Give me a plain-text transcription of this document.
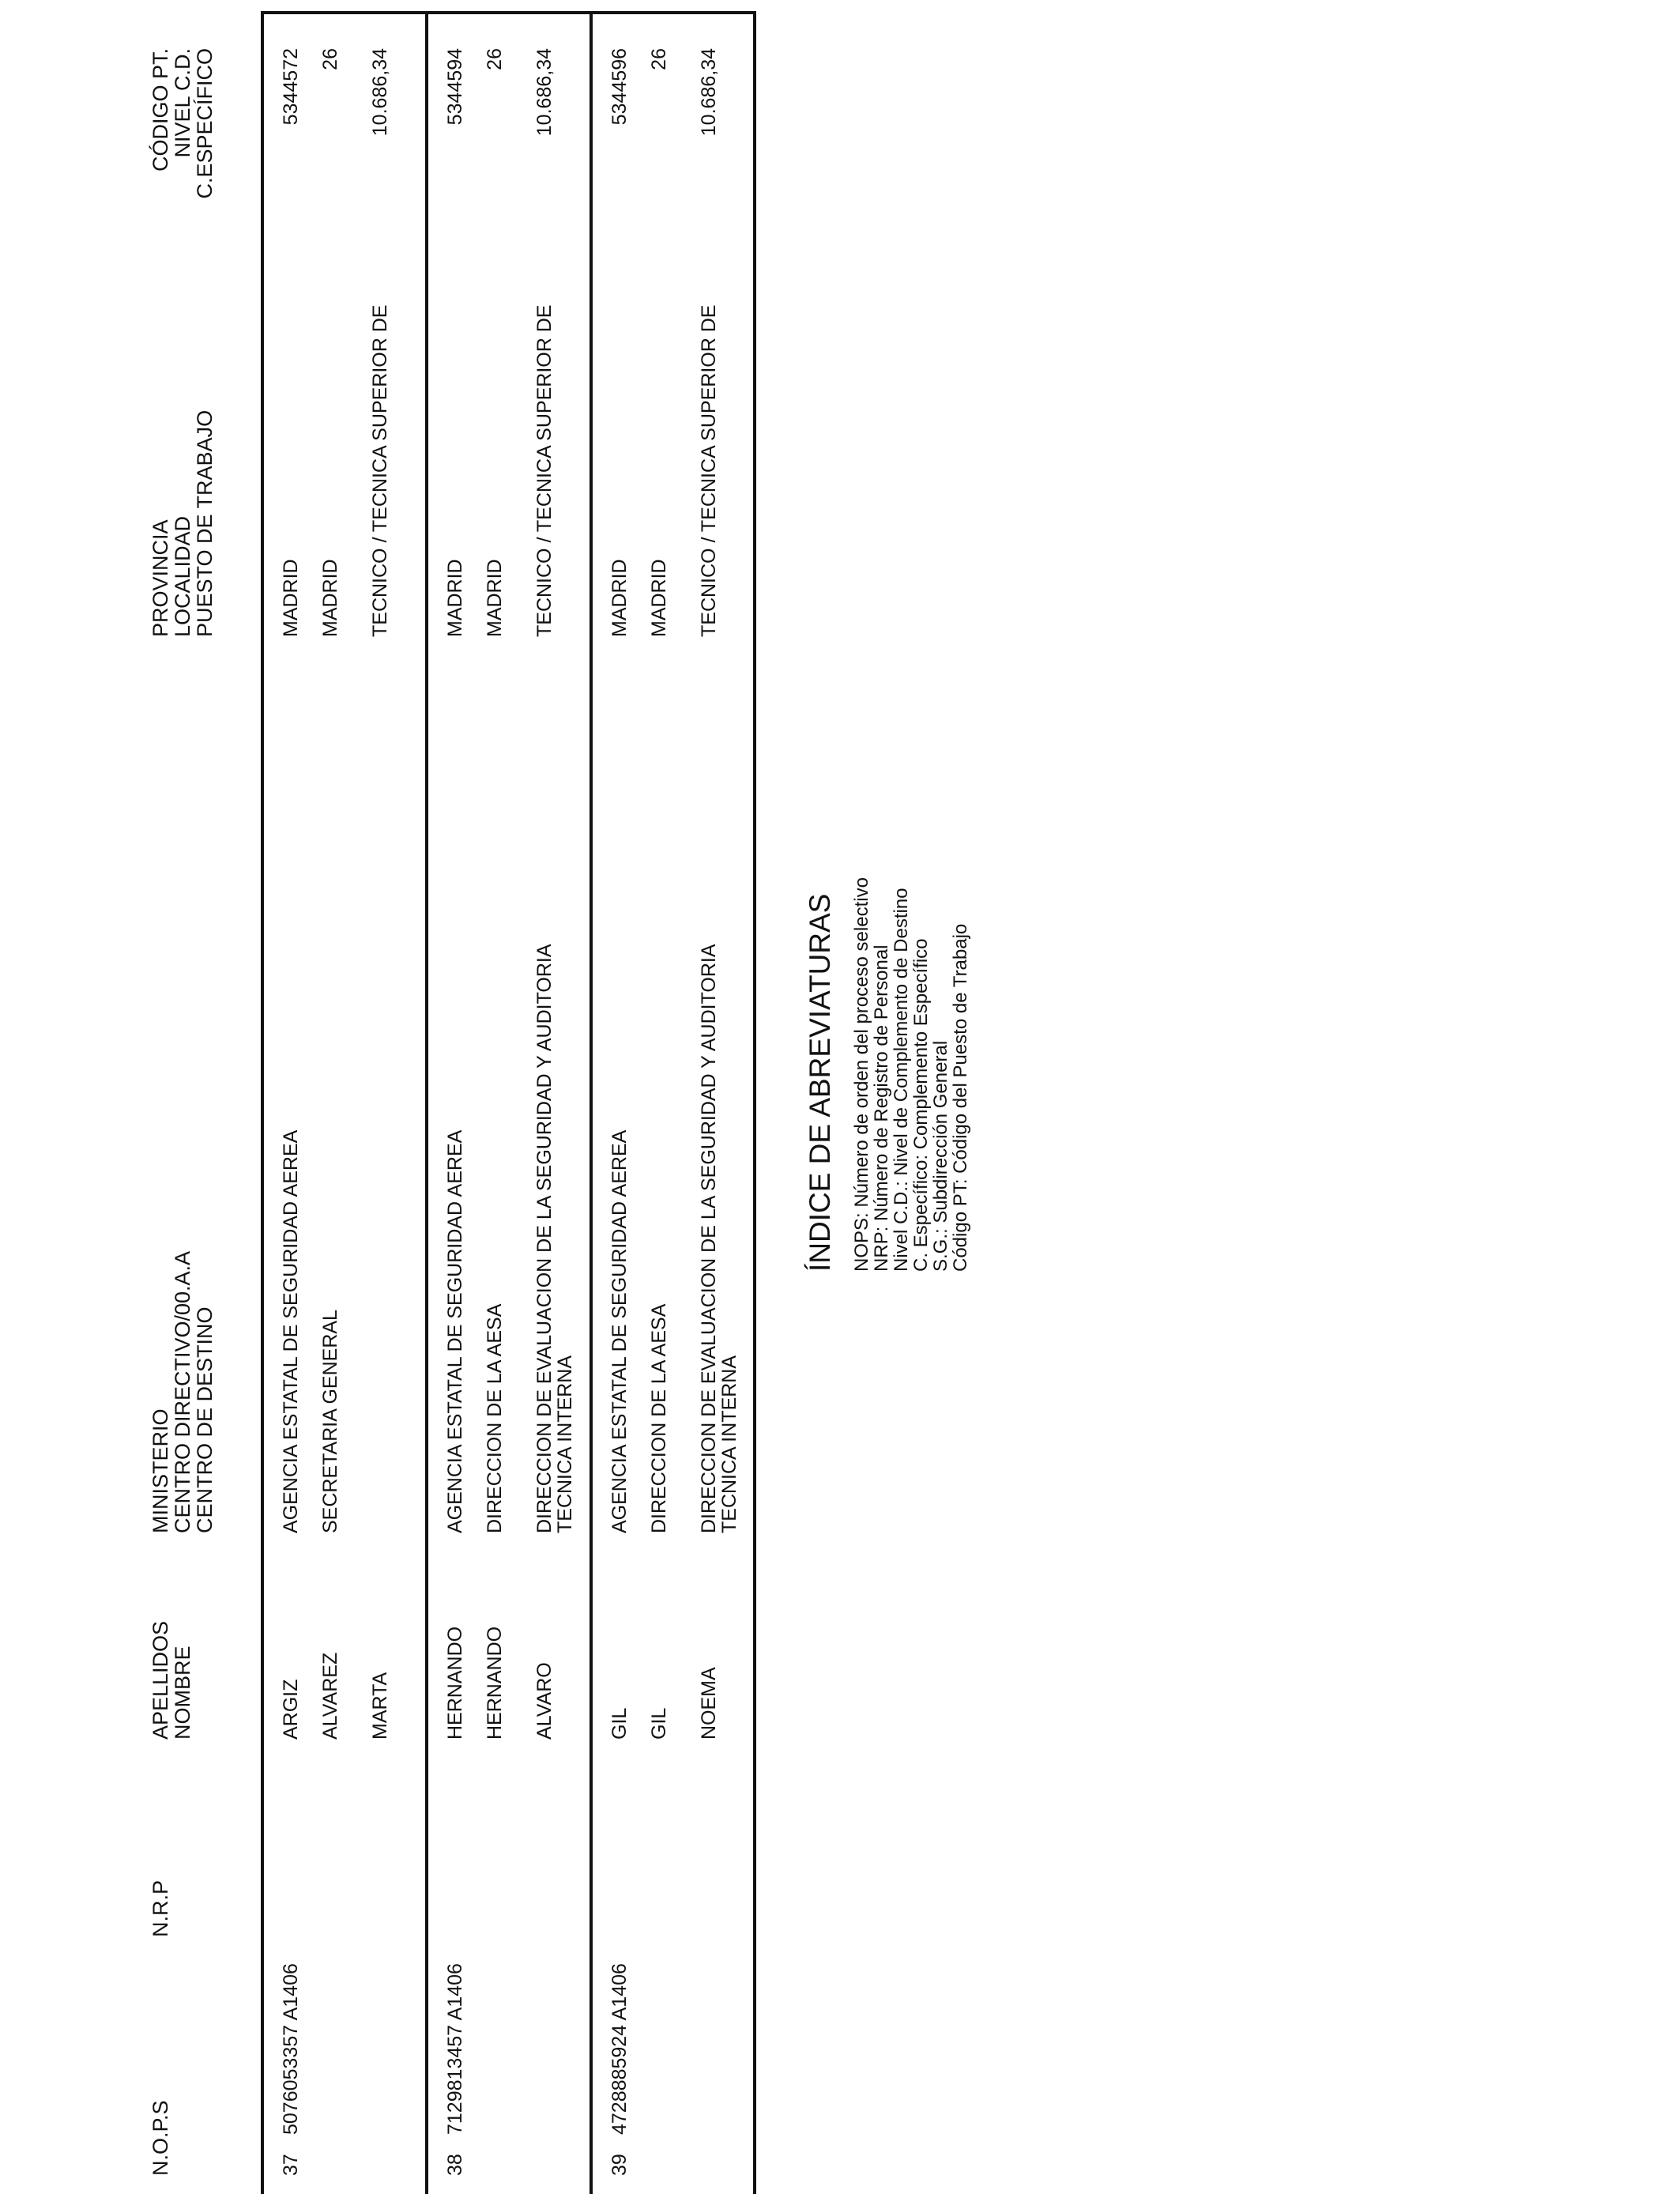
N.O.P.S
N.R.P
APELLIDOS
NOMBRE
MINISTERIO
CENTRO DIRECTIVO/00.A.A
CENTRO DE DESTINO
PROVINCIA
LOCALIDAD
PUESTO DE TRABAJO
CÓDIGO PT.
NIVEL C.D.
C.ESPECÍFICO
37
5076053357 A1406
ARGIZ ALVAREZ MARTA
AGENCIA ESTATAL DE SEGURIDAD AEREA SECRETARIA GENERAL
MADRID MADRID TECNICO / TECNICA SUPERIOR DE
5344572 26 10.686,34
38
7129813457 A1406
HERNANDO HERNANDO ALVARO
AGENCIA ESTATAL DE SEGURIDAD AEREA DIRECCION DE LA AESA DIRECCION DE EVALUACION DE LA SEGURIDAD Y AUDITORIA TECNICA INTERNA
MADRID MADRID TECNICO / TECNICA SUPERIOR DE
5344594 26 10.686,34
39
4728885924 A1406
GIL GIL NOEMA
AGENCIA ESTATAL DE SEGURIDAD AEREA DIRECCION DE LA AESA DIRECCION DE EVALUACION DE LA SEGURIDAD Y AUDITORIA TECNICA INTERNA
MADRID MADRID TECNICO / TECNICA SUPERIOR DE
5344596 26 10.686,34
ÍNDICE DE ABREVIATURAS NOPS: Número de orden del proceso selectivo
NRP: Número de Registro de Personal
Nivel C.D.: Nivel de Complemento de Destino
C. Específico: Complemento Específico
S.G.: Subdirección General
Código PT: Código del Puesto de Trabajo
